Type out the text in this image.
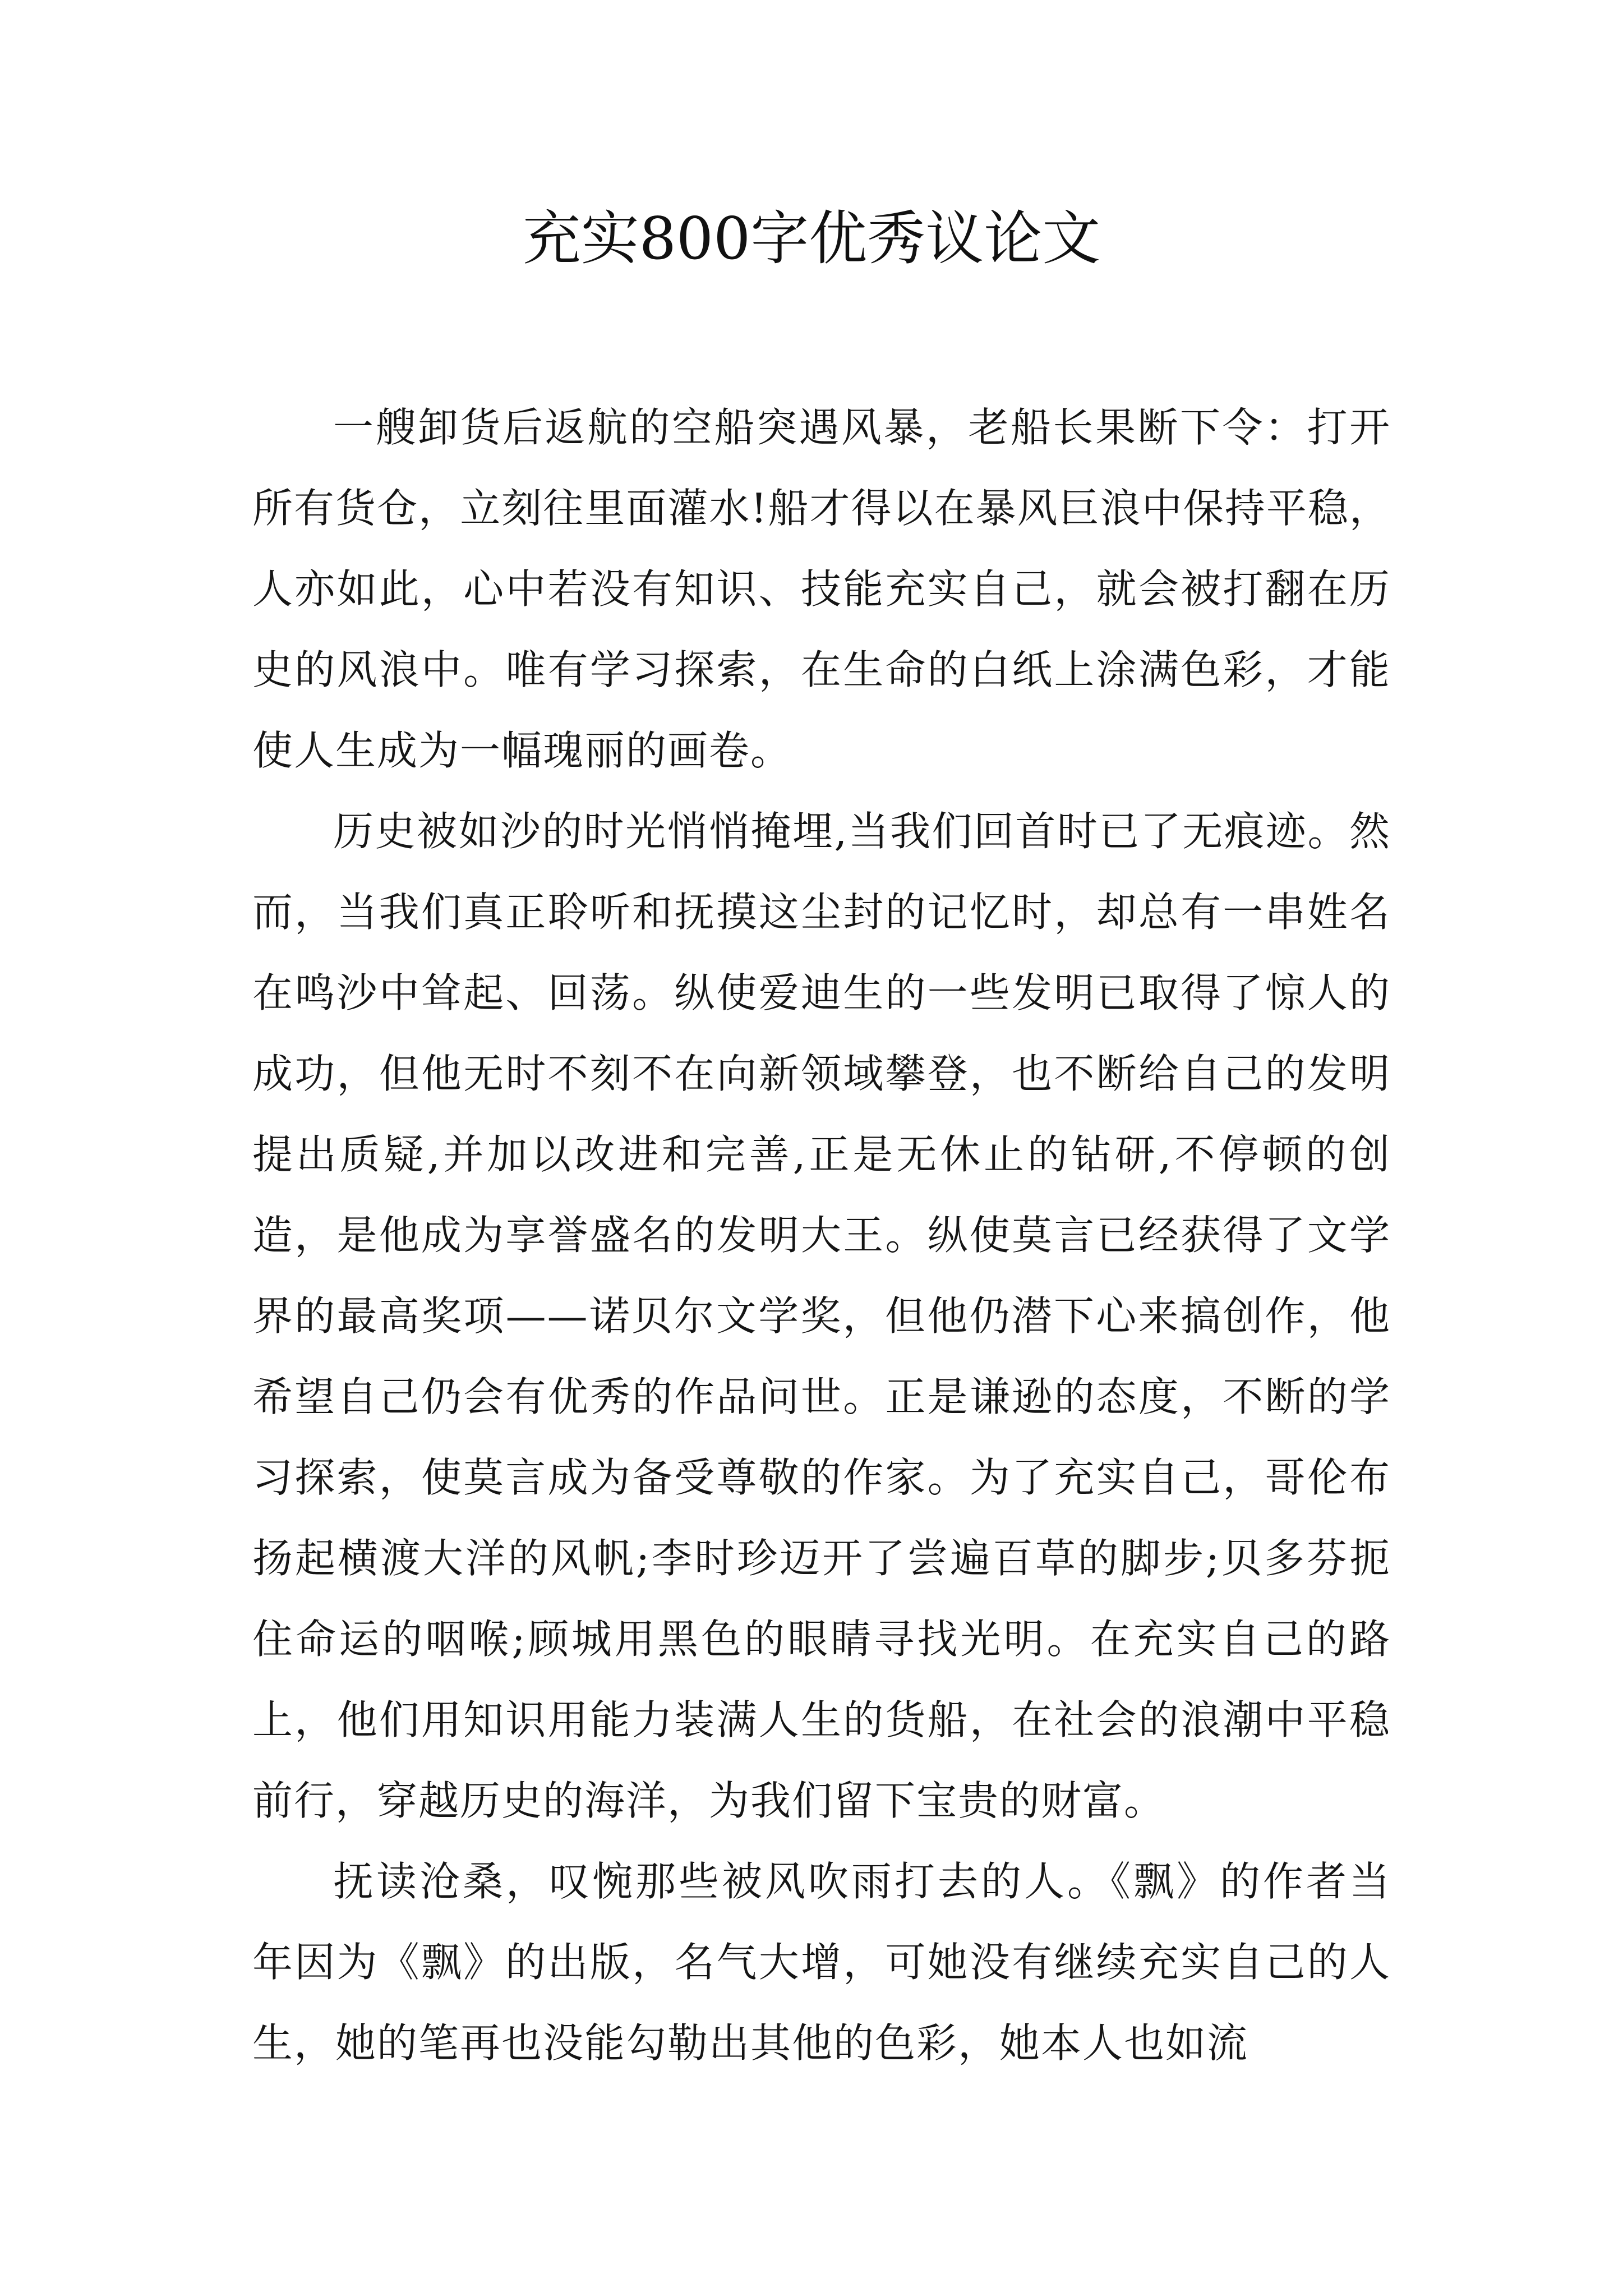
充实800字优秀议论文

一艘卸货后返航的空船突遇风暴，老船长果断下令：打开所有货仓，立刻往里面灌水!船才得以在暴风巨浪中保持平稳，人亦如此，心中若没有知识、技能充实自己，就会被打翻在历史的风浪中。唯有学习探索，在生命的白纸上涂满色彩，才能使人生成为一幅瑰丽的画卷。

历史被如沙的时光悄悄掩埋,当我们回首时已了无痕迹。然而，当我们真正聆听和抚摸这尘封的记忆时，却总有一串姓名在鸣沙中耸起、回荡。纵使爱迪生的一些发明已取得了惊人的成功，但他无时不刻不在向新领域攀登，也不断给自己的发明提出质疑,并加以改进和完善,正是无休止的钻研,不停顿的创造，是他成为享誉盛名的发明大王。纵使莫言已经获得了文学界的最高奖项——诺贝尔文学奖，但他仍潜下心来搞创作，他希望自己仍会有优秀的作品问世。正是谦逊的态度，不断的学习探索，使莫言成为备受尊敬的作家。为了充实自己，哥伦布扬起横渡大洋的风帆;李时珍迈开了尝遍百草的脚步;贝多芬扼住命运的咽喉;顾城用黑色的眼睛寻找光明。在充实自己的路上，他们用知识用能力装满人生的货船，在社会的浪潮中平稳前行，穿越历史的海洋，为我们留下宝贵的财富。

抚读沧桑，叹惋那些被风吹雨打去的人。《飘》的作者当年因为《飘》的出版，名气大增，可她没有继续充实自己的人生，她的笔再也没能勾勒出其他的色彩，她本人也如流
